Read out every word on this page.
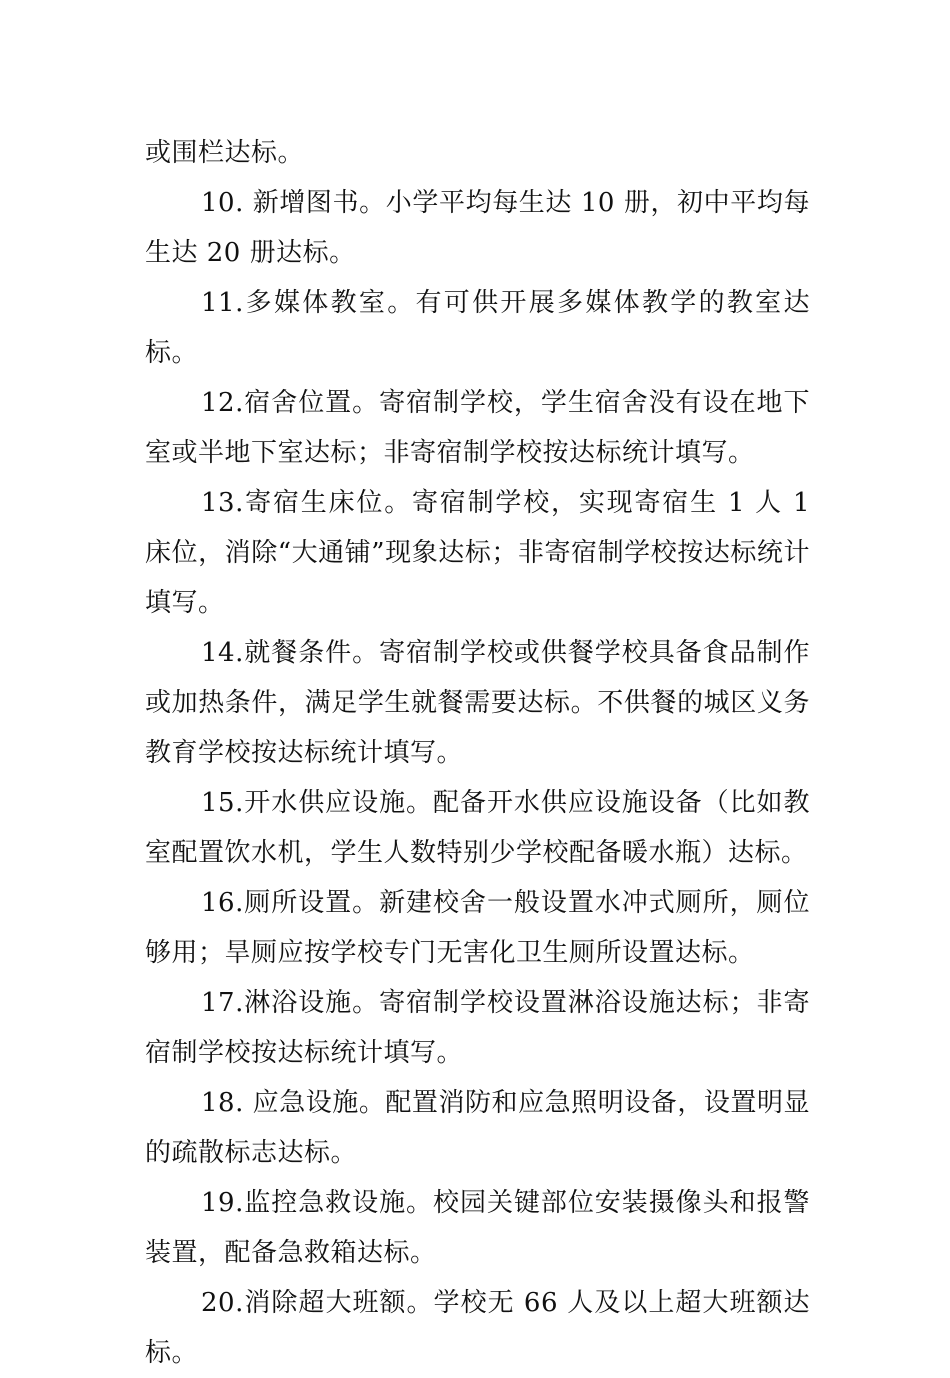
或围栏达标。

10. 新增图书。小学平均每生达 10 册，初中平均每生达 20 册达标。

11.多媒体教室。有可供开展多媒体教学的教室达标。

12.宿舍位置。寄宿制学校，学生宿舍没有设在地下室或半地下室达标；非寄宿制学校按达标统计填写。

13.寄宿生床位。寄宿制学校，实现寄宿生 1 人 1 床位，消除“大通铺”现象达标；非寄宿制学校按达标统计填写。

14.就餐条件。寄宿制学校或供餐学校具备食品制作或加热条件，满足学生就餐需要达标。不供餐的城区义务教育学校按达标统计填写。

15.开水供应设施。配备开水供应设施设备（比如教室配置饮水机，学生人数特别少学校配备暖水瓶）达标。

16.厕所设置。新建校舍一般设置水冲式厕所，厕位够用；旱厕应按学校专门无害化卫生厕所设置达标。

17.淋浴设施。寄宿制学校设置淋浴设施达标；非寄宿制学校按达标统计填写。

18. 应急设施。配置消防和应急照明设备，设置明显的疏散标志达标。

19.监控急救设施。校园关键部位安装摄像头和报警装置，配备急救箱达标。

20.消除超大班额。学校无 66 人及以上超大班额达标。
